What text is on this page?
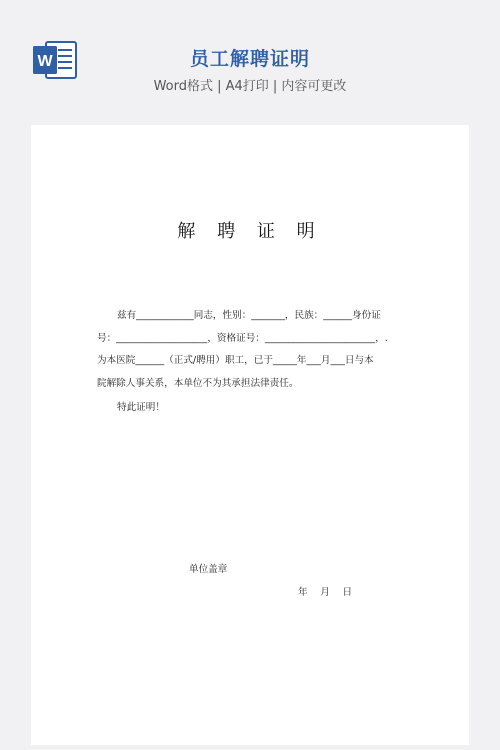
W	员工解聘证明
Word格式 | A4打印 | 内容可更改
解 聘 证 明
兹有____________同志，性别：_______，民族：______身份证
号：___________________，资格证号：_______________________，.
为本医院______（正式/聘用）职工，已于_____年___月___日与本
院解除人事关系，本单位不为其承担法律责任。
特此证明！
单位盖章
年　 月　 日
